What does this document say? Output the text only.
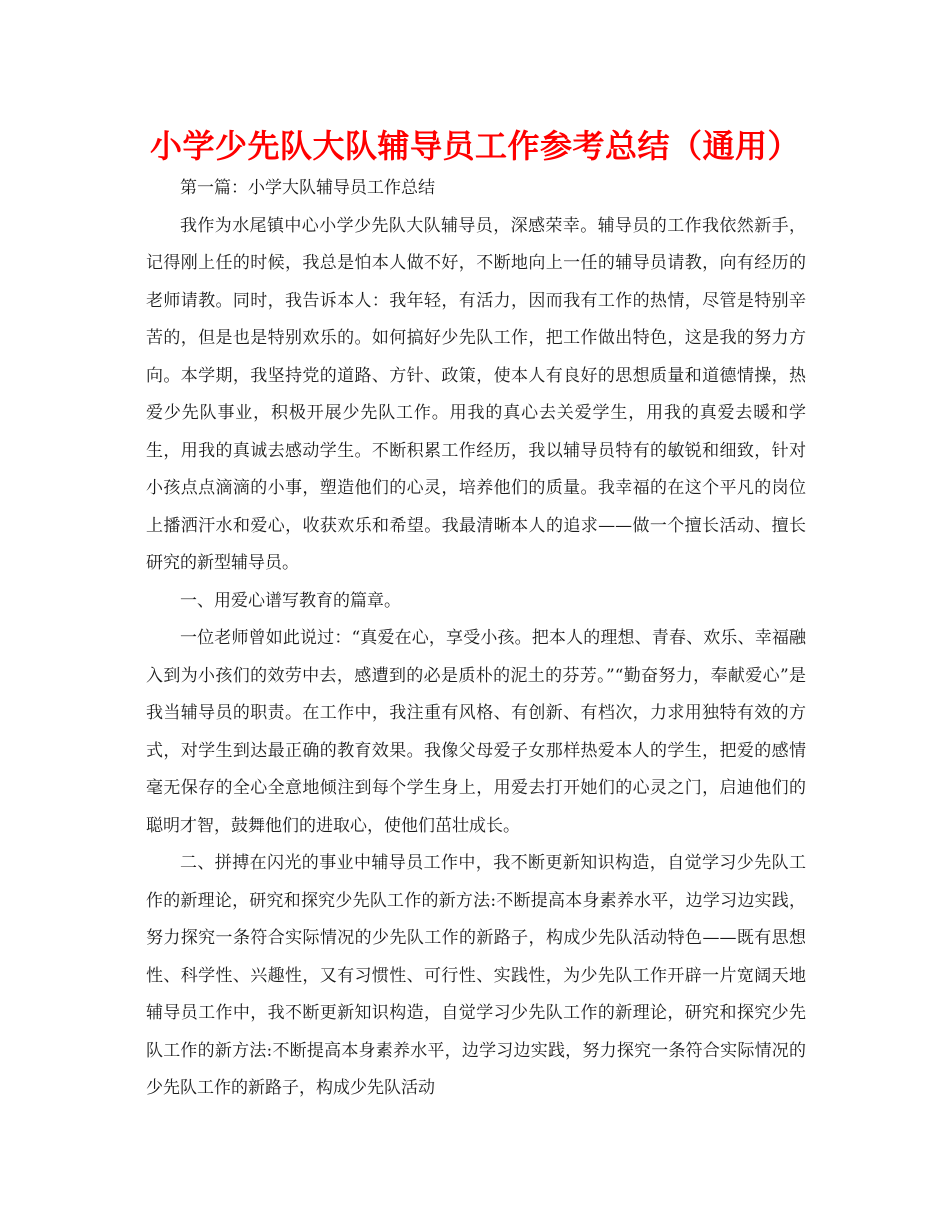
小学少先队大队辅导员工作参考总结（通用）

第一篇：小学大队辅导员工作总结

我作为水尾镇中心小学少先队大队辅导员，深感荣幸。辅导员的工作我依然新手，记得刚上任的时候，我总是怕本人做不好，不断地向上一任的辅导员请教，向有经历的老师请教。同时，我告诉本人：我年轻，有活力，因而我有工作的热情，尽管是特别辛苦的，但是也是特别欢乐的。如何搞好少先队工作，把工作做出特色，这是我的努力方向。本学期，我坚持党的道路、方针、政策，使本人有良好的思想质量和道德情操，热爱少先队事业，积极开展少先队工作。用我的真心去关爱学生，用我的真爱去暖和学生，用我的真诚去感动学生。不断积累工作经历，我以辅导员特有的敏锐和细致，针对小孩点点滴滴的小事，塑造他们的心灵，培养他们的质量。我幸福的在这个平凡的岗位上播洒汗水和爱心，收获欢乐和希望。我最清晰本人的追求——做一个擅长活动、擅长研究的新型辅导员。

一、用爱心谱写教育的篇章。

一位老师曾如此说过：“真爱在心，享受小孩。把本人的理想、青春、欢乐、幸福融入到为小孩们的效劳中去，感遭到的必是质朴的泥土的芬芳。”“勤奋努力，奉献爱心”是我当辅导员的职责。在工作中，我注重有风格、有创新、有档次，力求用独特有效的方式，对学生到达最正确的教育效果。我像父母爱子女那样热爱本人的学生，把爱的感情毫无保存的全心全意地倾注到每个学生身上，用爱去打开她们的心灵之门，启迪他们的聪明才智，鼓舞他们的进取心，使他们茁壮成长。

二、拼搏在闪光的事业中辅导员工作中，我不断更新知识构造，自觉学习少先队工作的新理论，研究和探究少先队工作的新方法:不断提高本身素养水平，边学习边实践，努力探究一条符合实际情况的少先队工作的新路子，构成少先队活动特色——既有思想性、科学性、兴趣性，又有习惯性、可行性、实践性，为少先队工作开辟一片宽阔天地辅导员工作中，我不断更新知识构造，自觉学习少先队工作的新理论，研究和探究少先队工作的新方法:不断提高本身素养水平，边学习边实践，努力探究一条符合实际情况的少先队工作的新路子，构成少先队活动
